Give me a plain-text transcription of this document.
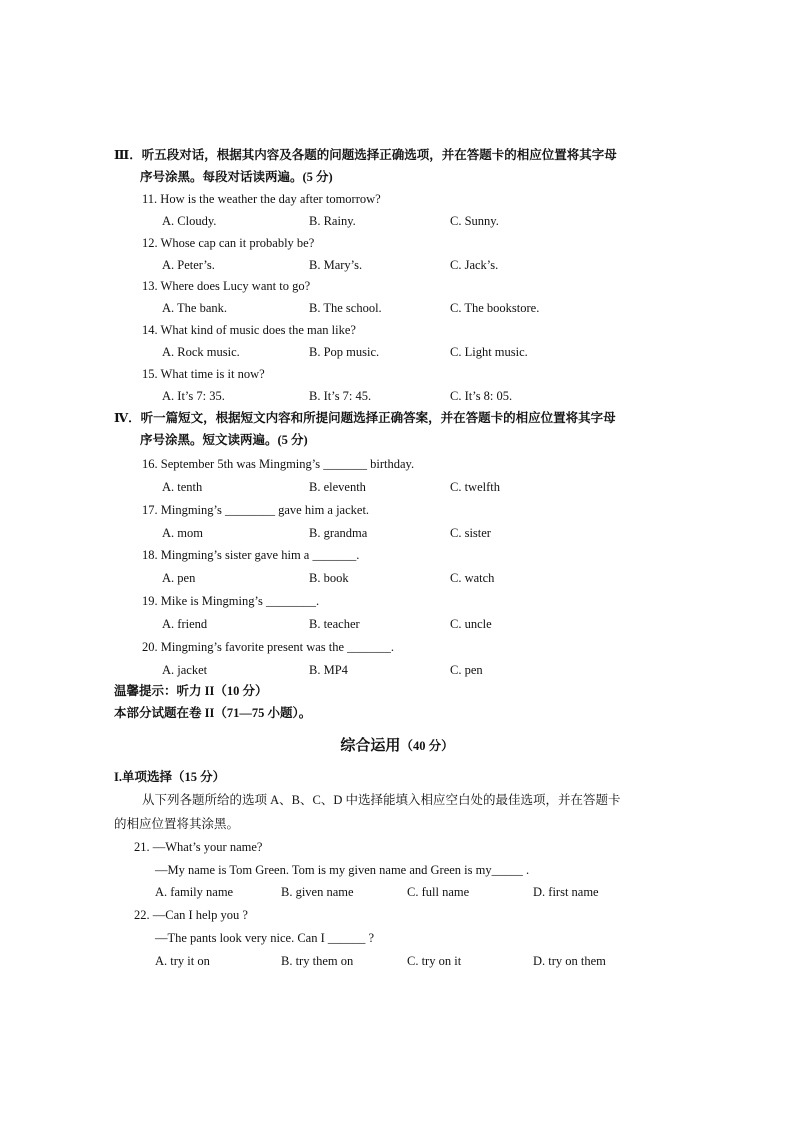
Ⅲ．听五段对话，根据其内容及各题的问题选择正确选项，并在答题卡的相应位置将其字母
序号涂黑。每段对话读两遍。(5 分)
11. How is the weather the day after tomorrow?
A. Cloudy.	B. Rainy.	C. Sunny.
12. Whose cap can it probably be?
A. Peter’s.	B. Mary’s.	C. Jack’s.
13. Where does Lucy want to go?
A. The bank.	B. The school.	C. The bookstore.
14. What kind of music does the man like?
A. Rock music.	B. Pop music.	C. Light music.
15. What time is it now?
A. It’s 7: 35.	B. It’s 7: 45.	C. It’s 8: 05.
Ⅳ．听一篇短文，根据短文内容和所提问题选择正确答案，并在答题卡的相应位置将其字母
序号涂黑。短文读两遍。(5 分)
16. September 5th was Mingming’s _______ birthday.
A. tenth	B. eleventh	C. twelfth
17. Mingming’s ________ gave him a jacket.
A. mom	B. grandma	C. sister
18. Mingming’s sister gave him a _______.
A. pen	B. book	C. watch
19. Mike is Mingming’s ________.
A. friend	B. teacher	C. uncle
20. Mingming’s favorite present was the _______.
A. jacket	B. MP4	C. pen
温馨提示：听力 II（10 分）
本部分试题在卷 II（71—75 小题）。
综合运用（40 分）
I.单项选择（15 分）
从下列各题所给的选项 A、B、C、D 中选择能填入相应空白处的最佳选项，并在答题卡
的相应位置将其涂黑。
21. —What’s your name?
—My name is Tom Green. Tom is my given name and Green is my_____ .
A. family name	B. given name	C. full name	D. first name
22. —Can I help you ?
—The pants look very nice. Can I ______ ?
A. try it on	B. try them on	C. try on it	D. try on them
